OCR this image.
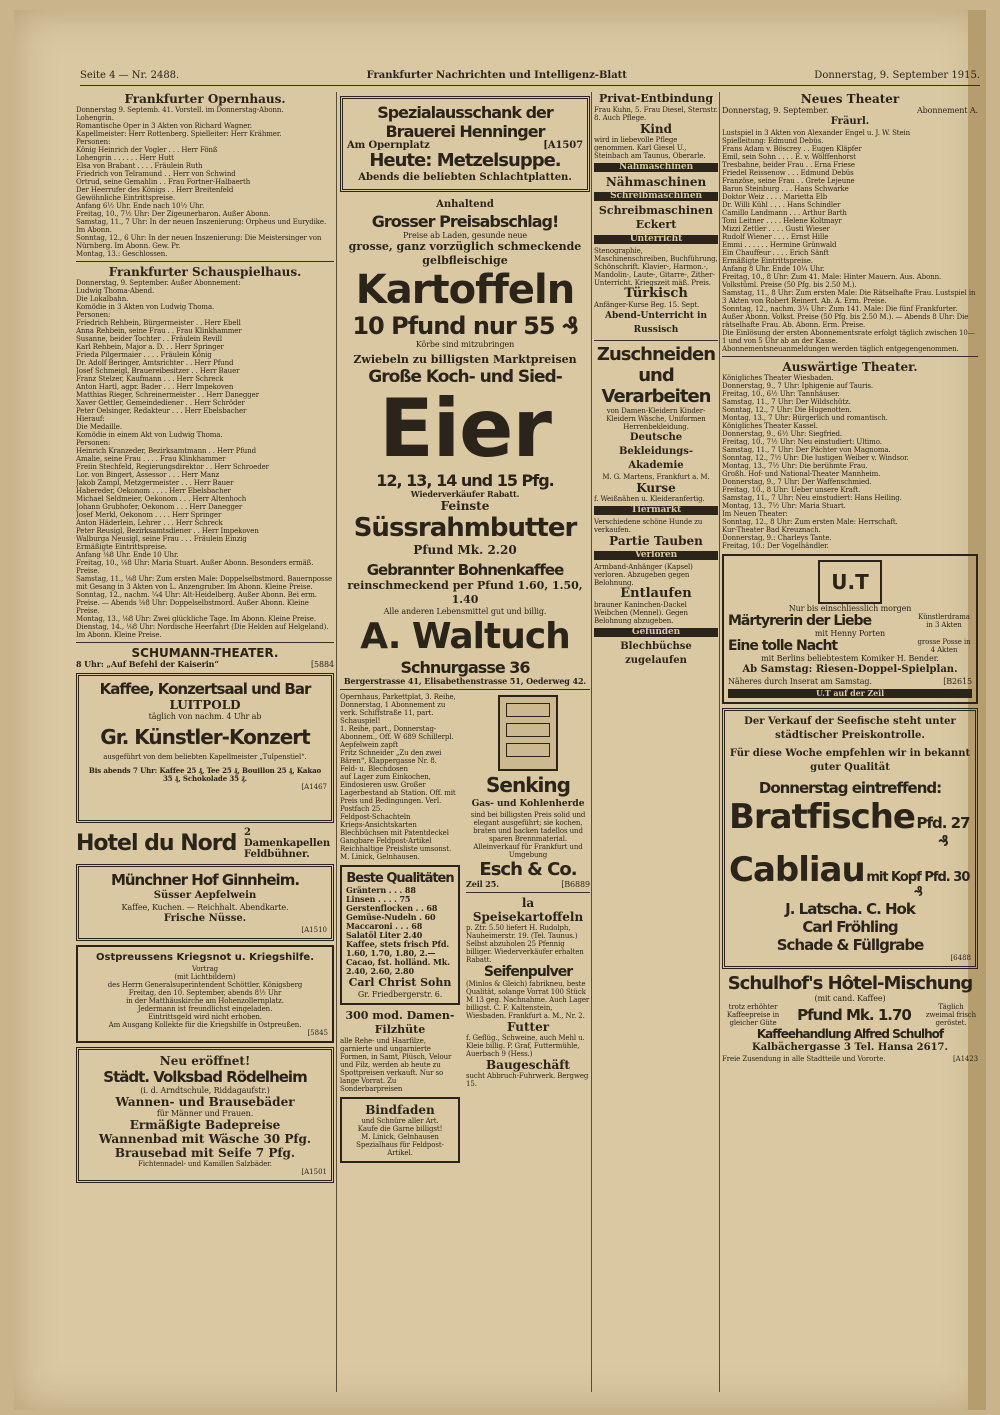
Seite 4 — Nr. 2488.	Frankfurter Nachrichten und Intelligenz-Blatt	Donnerstag, 9. September 1915.
Frankfurter Opernhaus.
Donnerstag 9. Septemb. 41. Vorstell. im Donnerstag-Abonn.
Lohengrin.
Romantische Oper in 3 Akten von Richard Wagner.
Kapellmeister: Herr Rottenberg. Spielleiter: Herr Krähmer.
Personen:
König Heinrich der Vogler . . . Herr Fönß
Lohengrin . . . . . . Herr Hutt
Elsa von Brabant . . . . Fräulein Ruth
Friedrich von Telramund . . Herr von Schwind
Ortrud, seine Gemahlin . . Frau Fortner-Halbaerth
Der Heerrufer des Königs . . Herr Breitenfeld
Gewöhnliche Eintrittspreise.
Anfang 6½ Uhr. Ende nach 10½ Uhr.
Freitag, 10., 7½ Uhr: Der Zigeunerbaron. Außer Abonn.
Samstag, 11., 7 Uhr: In der neuen Inszenierung: Orpheus und Eurydike. Im Abonn.
Sonntag, 12., 6 Uhr: In der neuen Inszenierung: Die Meistersinger von Nürnberg. Im Abonn. Gew. Pr.
Montag, 13.: Geschlossen.
Frankfurter Schauspielhaus.
Donnerstag, 9. September. Außer Abonnement:
Ludwig Thoma-Abend.
Die Lokalbahn.
Komödie in 3 Akten von Ludwig Thoma.
Personen:
Friedrich Rehbein, Bürgermeister . . Herr Ebell
Anna Rehbein, seine Frau . . Frau Klinkhammer
Susanne, beider Tochter . . Fräulein Revill
Karl Rehbein, Major a. D. . . Herr Springer
Frieda Pilgermaier . . . . Fräulein König
Dr. Adolf Beringer, Amtsrichter . . Herr Pfund
Josef Schmeigl, Brauereibesitzer . . Herr Bauer
Franz Stelzer, Kaufmann . . . Herr Schreck
Anton Hartl, agpr. Bader . . . Herr Impekoven
Matthias Rieger, Schreinermeister . . Herr Danegger
Xaver Gettler, Gemeindediener . . Herr Schröder
Peter Oelsinger, Redakteur . . . Herr Ebelsbacher
Hierauf:
Die Medaille.
Komödie in einem Akt von Ludwig Thoma.
Personen:
Heinrich Kranzeder, Bezirksamtmann . . Herr Pfund
Amalie, seine Frau . . . . Frau Klinkhammer
Freiin Stechfeld, Regierungsdirektor . . Herr Schroeder
Lor. von Bingert, Assessor . . . Herr Manz
Jakob Zampl, Metzgermeister . . . Herr Bauer
Habereder, Oekonom . . . . Herr Ebelsbacher
Michael Seldmeier, Oekonom . . . Herr Altenhoch
Johann Grubhofer, Oekonom . . . Herr Danegger
Josef Merkl, Oekonom . . . . Herr Springer
Anton Häderlein, Lehrer . . . Herr Schreck
Peter Reusigl, Bezirksamtsdiener . . Herr Impekoven
Walburga Neusigl, seine Frau . . . Fräulein Einzig
Ermäßigte Eintrittspreise.
Anfang ⅛8 Uhr. Ende 10 Uhr.
Freitag, 10., ⅛8 Uhr: Maria Stuart. Außer Abonn. Besonders ermäß. Preise.
Samstag, 11., ⅛8 Uhr: Zum ersten Male: Doppelselbstmord. Bauernposse mit Gesang in 3 Akten von L. Anzengruber. Im Abonn. Kleine Preise.
Sonntag, 12., nachm. ¼4 Uhr: Alt-Heidelberg. Außer Abonn. Bei erm. Preise. — Abends ⅛8 Uhr: Doppelselbstmord. Außer Abonn. Kleine Preise.
Montag, 13., ⅛8 Uhr: Zwei glückliche Tage. Im Abonn. Kleine Preise.
Dienstag, 14., ⅛8 Uhr: Nordische Heerfahrt (Die Helden auf Helgeland). Im Abonn. Kleine Preise.
SCHUMANN-THEATER.
8 Uhr: „Auf Befehl der Kaiserin“	[5884
Kaffee, Konzertsaal und Bar
LUITPOLD
täglich von nachm. 4 Uhr ab
Gr. Künstler-Konzert
ausgeführt von dem beliebten Kapellmeister „Tulpenstiel“.
Bis abends 7 Uhr: Kaffee 25 ₰, Tee 25 ₰, Bouillon 25 ₰, Kakao 35 ₰, Schokolade 35 ₰.
[A1467
Hotel du Nord 2 Damenkapellen Feldbühner.
Münchner Hof Ginnheim.
Süsser Aepfelwein
Kaffee, Kuchen. — Reichhalt. Abendkarte.
Frische Nüsse.
[A1510
Ostpreussens Kriegsnot u. Kriegshilfe.
Vortrag
(mit Lichtbildern)
des Herrn Generalsuperintendent Schöttler, Königsberg
Freitag, den 10. September, abends 8½ Uhr
in der Matthäuskirche am Hohenzollernplatz.
Jedermann ist freundlichst eingeladen.
Eintrittsgeld wird nicht erhoben.
Am Ausgang Kollekte für die Kriegshilfe in Ostpreußen.
[5845
Neu eröffnet!
Städt. Volksbad Rödelheim
(i. d. Arndtschule, Riddagaufstr.)
Wannen- und Brausebäder
für Männer und Frauen.
Ermäßigte Badepreise
Wannenbad mit Wäsche 30 Pfg.
Brausebad mit Seife 7 Pfg.
Fichtennadel- und Kamillen Salzbäder.
[A1501
Spezialausschank der Brauerei Henninger
Am Opernplatz	[A1507
Heute: Metzelsuppe.
Abends die beliebten Schlachtplatten.
Anhaltend
Grosser Preisabschlag!
Preise ab Laden, gesunde neue
grosse, ganz vorzüglich schmeckende gelbfleischige
Kartoffeln
10 Pfund nur 55 ₰
Körbe sind mitzubringen
Zwiebeln zu billigsten Marktpreisen
Große Koch- und Sied-
Eier
12, 13, 14 und 15 Pfg.
Wiederverkäufer Rabatt.
Feinste
Süssrahmbutter
Pfund Mk. 2.20
Gebrannter Bohnenkaffee
reinschmeckend per Pfund 1.60, 1.50, 1.40
Alle anderen Lebensmittel gut und billig.
A. Waltuch
Schnurgasse 36
Bergerstrasse 41, Elisabethenstrasse 51, Oederweg 42.
Opernhaus, Parkettplat, 3. Reihe, Donnerstag, 1 Abonnement zu verk. Schiffstraße 11, part.
Schauspiel!
1. Reihe, part., Donnerstag-Abonnem., Off. W 689 Schillerpl.
Aepfelwein zapft
Fritz Schneider „Zu den zwei Bären“, Klappergasse Nr. 8.
Feld- u. Blechdosen
auf Lager zum Einkochen, Eindosieren usw. Großer Lagerbestand ab Station. Off. mit Preis und Bedingungen. Verl. Postfach 25.
Feldpost-Schachteln
Kriegs-Ansichtskarten
Blechbüchsen mit Patentdeckel
Gangbare Feldpost-Artikel
Reichhaltige Preisliste umsonst.
M. Linick, Gelnhausen.
Beste Qualitäten
Gräntern . . . 88
Linsen . . . . 75
Gerstenflocken . . 68
Gemüse-Nudeln . 60
Maccaroni . . . 68
Salatöl Liter 2.40
Kaffee, stets frisch Pfd. 1.60, 1.70, 1.80, 2.—
Cacao, fst. holländ. Mk. 2.40, 2.60, 2.80
Carl Christ Sohn
Gr. Friedbergerstr. 6.
300 mod. Damen-Filzhüte
alle Rehe- und Haarfilze, garnierte und ungarnierte Formen, in Samt, Plüsch, Velour und Filz, werden ab heute zu Spottpreisen verkauft. Nur so lange Vorrat. Zu Sonderbarpreisen
Bindfaden
und Schnüre aller Art.
Kaufe die Garne billigst!
M. Linick, Gelnhausen
Spezialhaus für Feldpost-Artikel.
Senking
Gas- und Kohlenherde
sind bei billigsten Preis solid und elegant ausgeführt; sie kochen, braten und backen tadellos und sparen Brennmaterial.
Alleinverkauf für Frankfurt und Umgebung
Esch & Co.
Zeil 25.	[B6889
la Speisekartoffeln
p. Ztr. 5.50 liefert H. Rudolph, Nauheimerstr. 19. (Tel. Taunus.) Selbst abzuholen 25 Pfennig billiger. Wiederverkäufer erhalten Rabatt.
Seifenpulver
(Minlos & Gleich) fabrikneu, beste Qualität, solange Vorrat 100 Stück M 13 geg. Nachnahme. Auch Lager billigst. C. F. Kaltenstein, Wiesbaden. Frankfurt a. M., Nr. 2.
Futter
f. Geflüg., Schweine, auch Mehl u. Kleie billig. P. Graf, Futtermühle, Auerbach 9 (Hess.)
Baugeschäft
sucht Abbruch-Fuhrwerk. Bergweg 15.
Privat-Entbindung
Frau Kuhn, 5. Frau Diesel, Sternstr. 8. Auch Pflege.
Kind
wird in liebevolle Pflege genommen. Karl Giesel U., Steinbach am Taunus, Oberarle.
Nähmaschinen
Nähmaschinen
Schreibmaschinen
Schreibmaschinen Eckert
Unterricht
Stenographie, Maschinenschreiben, Buchführung, Schönschrift. Klavier-, Harmon.-, Mandolin-, Laute-, Gitarre-, Zither-Unterricht. Kriegszeit mäß. Preis.
Türkisch
Anfänger-Kurse Beg. 15. Sept.
Abend-Unterricht in Russisch
Zuschneiden und Verarbeiten
von Damen-Kleidern Kinder-Kleidern Wäsche, Uniformen Herrenbekleidung.
Deutsche Bekleidungs-Akademie
M. G. Martens, Frankfurt a. M.
Kurse
f. Weißnähen u. Kleideranfertig.
Tiermarkt
Verschiedene schöne Hunde zu verkaufen.
Partie Tauben
Verloren
Armband-Anhänger (Kapsel) verloren. Abzugeben gegen Belohnung.
Entlaufen
brauner Kaninchen-Dackel Weibchen (Mennel). Gegen Belohnung abzugeben.
Gefunden
Blechbüchse zugelaufen
Neues Theater
Donnerstag, 9. September.	Abonnement A.
Fräurl.
Lustspiel in 3 Akten von Alexander Engel u. J. W. Stein
Spielleitung: Edmund Debüs.
Frans Adam v. Böscrey . . Eugen Kläpfer
Emil, sein Sohn . . . . E. v. Wölffenhorst
Tresbahne, beider Frau . . Erna Friese
Friedel Reissenow . . . Edmund Debüs
Französe, seine Frau . . Grete Lejeune
Baron Steinburg . . . Hans Schwarke
Doktor Weiz . . . . Marietta Elb
Dr. Willi Kühl . . . . Hans Schindler
Camillo Landmann . . . Arthur Barth
Toni Leitner . . . . Helene Koltmayr
Mizzi Zettler . . . . Gusti Wieser
Rudolf Wiener . . . . Ernst Hille
Emmi . . . . . . Hermine Grünwald
Ein Chauffeur . . . . Erich Sänft
Ermäßigte Eintrittspreise.
Anfang 8 Uhr. Ende 10¼ Uhr.
Freitag, 10., 8 Uhr: Zum 41. Male: Hinter Mauern. Aus. Abonn. Volkstüml. Preise (50 Pfg. bis 2.50 M.).
Samstag, 11., 8 Uhr: Zum ersten Male: Die Rätselhafte Frau. Lustspiel in 3 Akten von Robert Reinert. Ab. A. Erm. Preise.
Sonntag, 12., nachm. 3¼ Uhr: Zum 141. Male: Die fünf Frankfurter. Außer Abonn. Volkst. Preise (50 Pfg. bis 2.50 M.). — Abends 8 Uhr: Die rätselhafte Frau. Ab. Abonn. Erm. Preise.
Die Einlösung der ersten Abonnementsrate erfolgt täglich zwischen 10—1 und von 5 Uhr ab an der Kasse.
Abonnementsneuanmeldungen werden täglich entgegengenommen.
Auswärtige Theater.
Königliches Theater Wiesbaden.
Donnerstag, 9., 7 Uhr: Iphigenie auf Tauris.
Freitag, 10., 6½ Uhr: Tannhäuser.
Samstag, 11., 7 Uhr: Der Wildschütz.
Sonntag, 12., 7 Uhr: Die Hugenotten.
Montag, 13., 7 Uhr: Bürgerlich und romantisch.
Königliches Theater Kassel.
Donnerstag, 9., 6½ Uhr: Siegfried.
Freitag, 10., 7½ Uhr: Neu einstudiert: Ultimo.
Samstag, 11., 7 Uhr: Der Pächter von Magnoma.
Sonntag, 12., 7½ Uhr: Die lustigen Weiber v. Windsor.
Montag, 13., 7½ Uhr: Die berühmte Frau.
Großh. Hof- und National-Theater Mannheim.
Donnerstag, 9., 7 Uhr: Der Waffenschmied.
Freitag, 10., 8 Uhr: Ueber unsere Kraft.
Samstag, 11., 7 Uhr: Neu einstudiert: Hans Heiling.
Montag, 13., 7½ Uhr: Maria Stuart.
Im Neuen Theater:
Sonntag, 12., 8 Uhr: Zum ersten Male: Herrschaft.
Kur-Theater Bad Kreuznach.
Donnerstag, 9.: Charleys Tante.
Freitag, 10.: Der Vogelhändler.
U.T
Nur bis einschliesslich morgen
Märtyrerin der Liebe	Künstlerdrama in 3 Akten
mit Henny Porten
Eine tolle Nacht	grosse Posse in 4 Akten
mit Berlins beliebtestem Komiker H. Bender.
Ab Samstag: Riesen-Doppel-Spielplan.
Näheres durch Inserat am Samstag.	[B2615
U.T auf der Zeil
Der Verkauf der Seefische steht unter städtischer Preiskontrolle.
Für diese Woche empfehlen wir in bekannt guter Qualität
Donnerstag eintreffend:
Bratfische Pfd. 27 ₰
Cabliau mit Kopf Pfd. 30 ₰
J. Latscha. C. Hok
Carl Fröhling
Schade & Füllgrabe
[6488
Schulhof's Hôtel-Mischung
(mit cand. Kaffee)
trotz erhöhter Kaffeepreise in gleicher Güte	Pfund Mk. 1.70	Täglich zweimal frisch geröstet.
Kaffeehandlung Alfred Schulhof
Kalbächergasse 3 Tel. Hansa 2617.
Freie Zusendung in alle Stadtteile und Vororte.	[A1423
